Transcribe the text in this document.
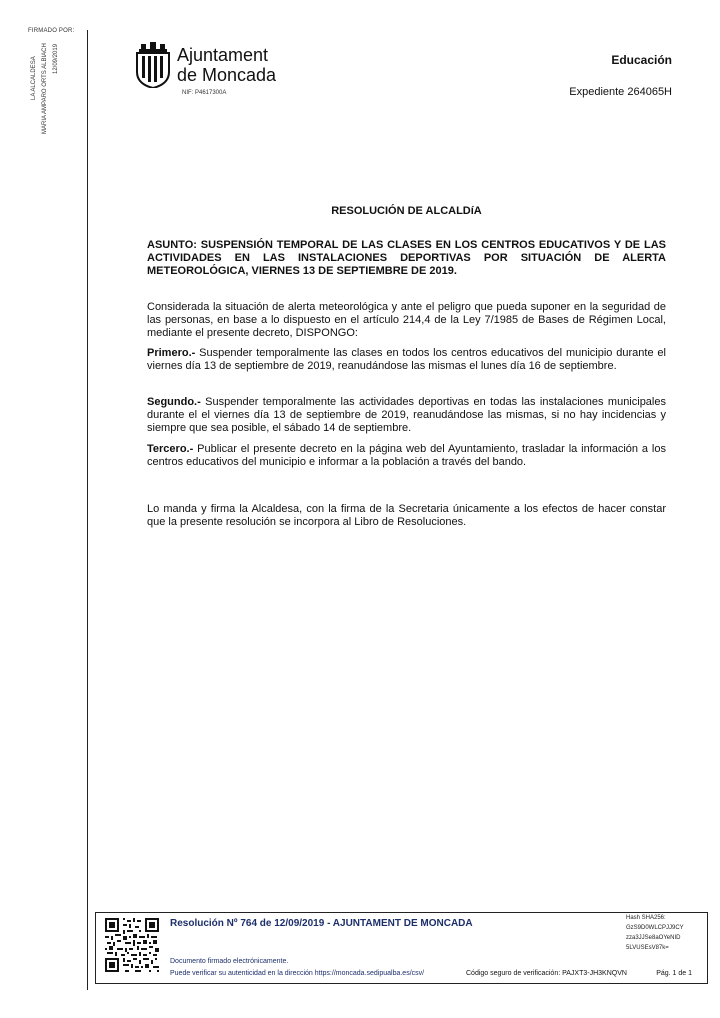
FIRMADO POR:
LA ALCALDESA MARIA AMPARO ORTS ALBIACH 12/09/2019	Ajuntament
de Moncada
NIF: P4617300A
Educación
Expediente 264065H
RESOLUCIÓN DE ALCALDíA
ASUNTO: SUSPENSIÓN TEMPORAL DE LAS CLASES EN LOS CENTROS EDUCATIVOS Y DE LAS ACTIVIDADES EN LAS INSTALACIONES DEPORTIVAS POR SITUACIÓN DE ALERTA METEOROLÓGICA, VIERNES 13 DE SEPTIEMBRE DE 2019.
Considerada la situación de alerta meteorológica y ante el peligro que pueda suponer en la seguridad de las personas, en base a lo dispuesto en el artículo 214,4 de la Ley 7/1985 de Bases de Régimen Local, mediante el presente decreto, DISPONGO:
Primero.- Suspender temporalmente las clases en todos los centros educativos del municipio durante el viernes día 13 de septiembre de 2019, reanudándose las mismas el lunes día 16 de septiembre.
Segundo.- Suspender temporalmente las actividades deportivas en todas las instalaciones municipales durante el el viernes día 13 de septiembre de 2019, reanudándose las mismas, si no hay incidencias y siempre que sea posible, el sábado 14 de septiembre.
Tercero.- Publicar el presente decreto en la página web del Ayuntamiento, trasladar la información a los centros educativos del municipio e informar a la población a través del bando.
Lo manda y firma la Alcaldesa, con la firma de la Secretaria únicamente a los efectos de hacer constar que la presente resolución se incorpora al Libro de Resoluciones.
Resolución Nº 764 de 12/09/2019 - AJUNTAMENT DE MONCADA	Hash SHA256:
GzS9D0WLCPJJ9CY
zza3JJSe8aOYeNID
5LVUSEsV87k=
Documento firmado electrónicamente.
Puede verificar su autenticidad en la dirección https://moncada.sedipualba.es/csv/	Código seguro de verificación: PAJXT3-JH3KNQVN	Pág. 1 de 1
